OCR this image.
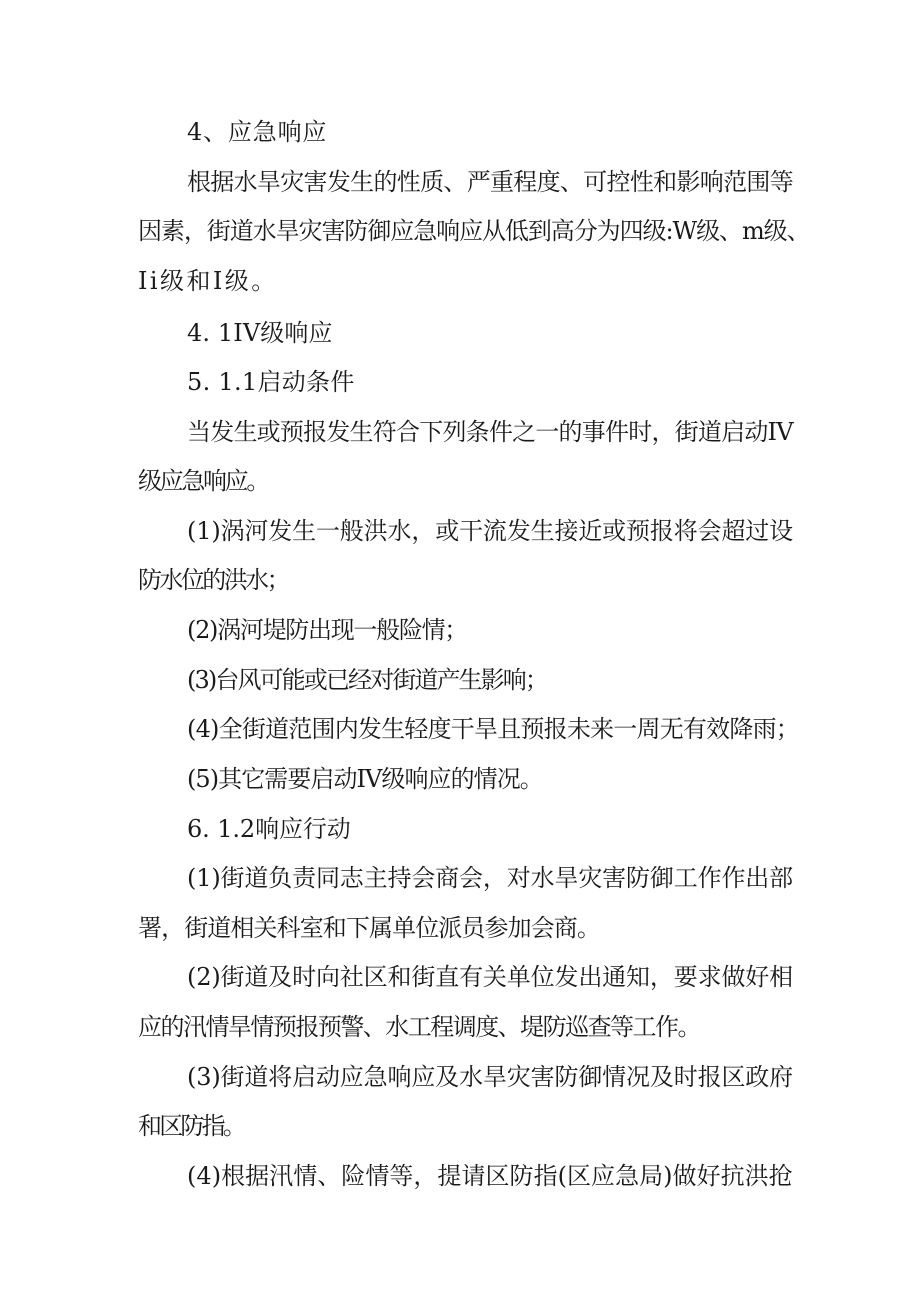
4、应急响应
根据水旱灾害发生的性质、严重程度、可控性和影响范围等
因素，街道水旱灾害防御应急响应从低到高分为四级:W级、m级、
Ii级和I级。
4. 1IV级响应
5. 1.1启动条件
当发生或预报发生符合下列条件之一的事件时，街道启动IV
级应急响应。
(1)涡河发生一般洪水，或干流发生接近或预报将会超过设
防水位的洪水；
(2)涡河堤防出现一般险情；
(3)台风可能或已经对街道产生影响；
(4)全街道范围内发生轻度干旱且预报未来一周无有效降雨；
(5)其它需要启动IV级响应的情况。
6. 1.2响应行动
(1)街道负责同志主持会商会，对水旱灾害防御工作作出部
署，街道相关科室和下属单位派员参加会商。
(2)街道及时向社区和街直有关单位发出通知，要求做好相
应的汛情旱情预报预警、水工程调度、堤防巡查等工作。
(3)街道将启动应急响应及水旱灾害防御情况及时报区政府
和区防指。
(4)根据汛情、险情等，提请区防指(区应急局)做好抗洪抢
